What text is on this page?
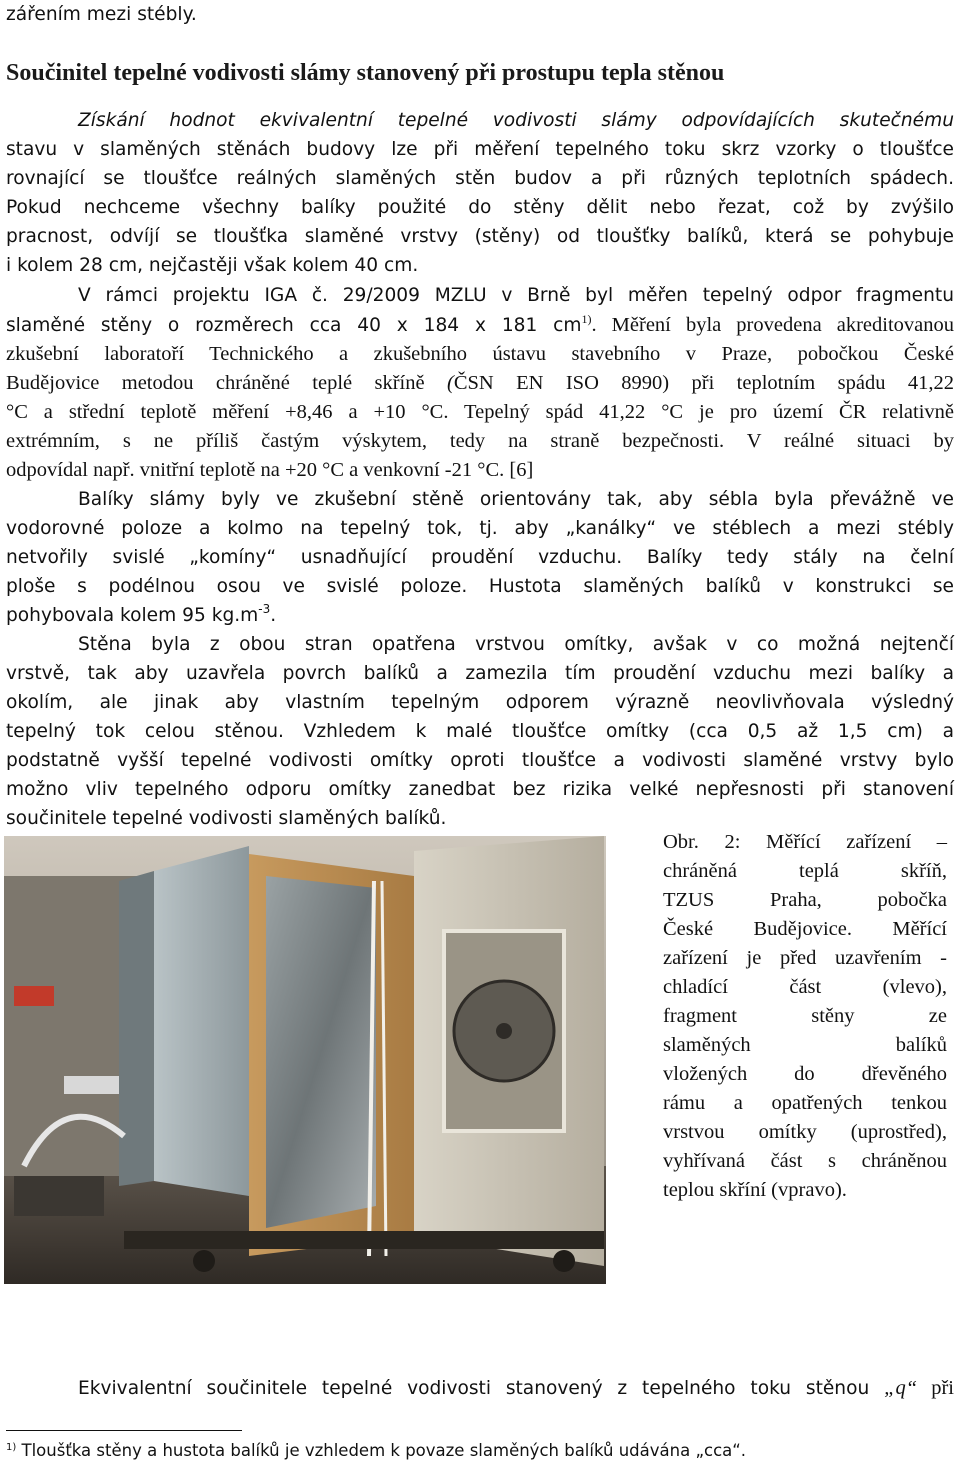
zářením mezi stébly.
Součinitel tepelné vodivosti slámy stanovený při prostupu tepla stěnou
Získání hodnot ekvivalentní tepelné vodivosti slámy odpovídajících skutečnému
stavu v slaměných stěnách budovy lze při měření tepelného toku skrz vzorky o tloušťce
rovnající se tloušťce reálných slaměných stěn budov a při různých teplotních spádech.
Pokud nechceme všechny balíky použité do stěny dělit nebo řezat, což by zvýšilo
pracnost, odvíjí se tloušťka slaměné vrstvy (stěny) od tloušťky balíků, která se pohybuje
i kolem 28 cm, nejčastěji však kolem 40 cm.
V rámci projektu IGA č. 29/2009 MZLU v Brně byl měřen tepelný odpor fragmentu
slaměné stěny o rozměrech cca 40 x 184 x 181 $cm^{1)}$. Měření byla provedena akreditovanou
zkušební laboratoří Technického a zkušebního ústavu stavebního v Praze, pobočkou České
Budějovice metodou chráněné teplé skříně (ČSN EN ISO 8990) při teplotním spádu 41,22
°C a střední teplotě měření +8,46 a +10 °C. Tepelný spád 41,22 °C je pro území ČR relativně
extrémním, s ne příliš častým výskytem, tedy na straně bezpečnosti. V reálné situaci by
odpovídal např. vnitřní teplotě na +20 °C a venkovní -21 °C. [6]
Balíky slámy byly ve zkušební stěně orientovány tak, aby sébla byla převážně ve
vodorovné poloze a kolmo na tepelný tok, tj. aby „kanálky“ ve stéblech a mezi stébly
netvořily svislé „komíny“ usnadňující proudění vzduchu. Balíky tedy stály na čelní
ploše s podélnou osou ve svislé poloze. Hustota slaměných balíků v konstrukci se
pohybovala kolem 95 $kg.m^{-3}$.
Stěna byla z obou stran opatřena vrstvou omítky, avšak v co možná nejtenčí
vrstvě, tak aby uzavřela povrch balíků a zamezila tím proudění vzduchu mezi balíky a
okolím, ale jinak aby vlastním tepelným odporem výrazně neovlivňovala výsledný
tepelný tok celou stěnou. Vzhledem k malé tloušťce omítky (cca 0,5 až 1,5 cm) a
podstatně vyšší tepelné vodivosti omítky oproti tloušťce a vodivosti slaměné vrstvy bylo
možno vliv tepelného odporu omítky zanedbat bez rizika velké nepřesnosti při stanovení
součinitele tepelné vodivosti slaměných balíků.
Obr. 2: Měřící zařízení –
chráněná teplá skříň,
TZUS Praha, pobočka
České Budějovice. Měřící
zařízení je před uzavřením -
chladící část (vlevo),
fragment stěny ze
slaměných balíků
vložených do dřevěného
rámu a opatřených tenkou
vrstvou omítky (uprostřed),
vyhřívaná část s chráněnou
teplou skříní (vpravo).
Ekvivalentní součinitele tepelné vodivosti stanovený z tepelného toku stěnou „q“ při
$^{1)}$ Tloušťka stěny a hustota balíků je vzhledem k povaze slaměných balíků udávána „cca“.
